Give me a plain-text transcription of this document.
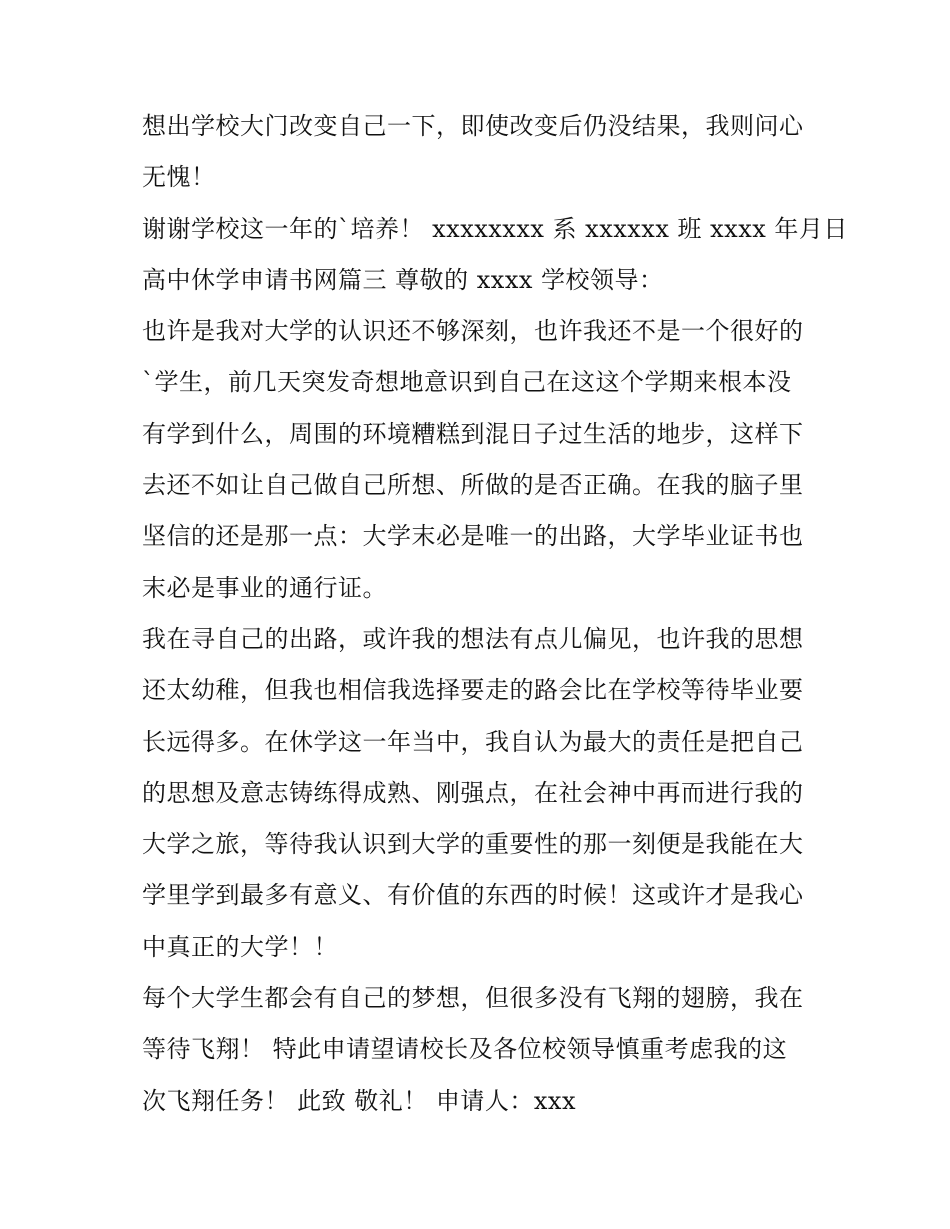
想出学校大门改变自己一下，即使改变后仍没结果，我则问心
无愧！
谢谢学校这一年的`培养！ xxxxxxxx 系 xxxxxx 班 xxxx 年月日
高中休学申请书网篇三 尊敬的 xxxx 学校领导：
也许是我对大学的认识还不够深刻，也许我还不是一个很好的
`学生，前几天突发奇想地意识到自己在这这个学期来根本没
有学到什么，周围的环境糟糕到混日子过生活的地步，这样下
去还不如让自己做自己所想、所做的是否正确。在我的脑子里
坚信的还是那一点：大学末必是唯一的出路，大学毕业证书也
末必是事业的通行证。
我在寻自己的出路，或许我的想法有点儿偏见，也许我的思想
还太幼稚，但我也相信我选择要走的路会比在学校等待毕业要
长远得多。在休学这一年当中，我自认为最大的责任是把自己
的思想及意志铸练得成熟、刚强点，在社会神中再而进行我的
大学之旅，等待我认识到大学的重要性的那一刻便是我能在大
学里学到最多有意义、有价值的东西的时候！这或许才是我心
中真正的大学！！
每个大学生都会有自己的梦想，但很多没有飞翔的翅膀，我在
等待飞翔！ 特此申请望请校长及各位校领导慎重考虑我的这
次飞翔任务！ 此致 敬礼！ 申请人：xxx
